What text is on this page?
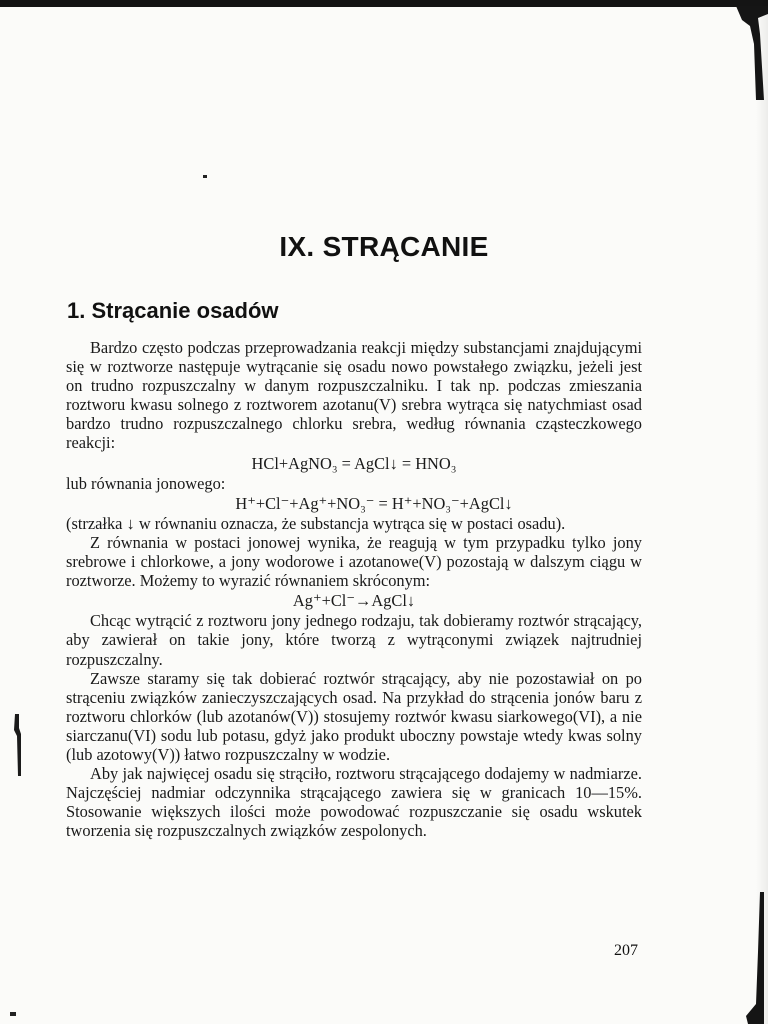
IX. STRĄCANIE
1. Strącanie osadów

Bardzo często podczas przeprowadzania reakcji między substancjami znajdującymi się w roztworze następuje wytrącanie się osadu nowo powstałego związku, jeżeli jest on trudno rozpuszczalny w danym rozpuszczalniku. I tak np. podczas zmieszania roztworu kwasu solnego z roztworem azotanu(V) srebra wytrąca się natychmiast osad bardzo trudno rozpuszczalnego chlorku srebra, według równania cząsteczkowego reakcji:

HCl+AgNO₃ = AgCl↓ = HNO₃

lub równania jonowego:

H⁺+Cl⁻+Ag⁺+NO₃⁻ = H⁺+NO₃⁻+AgCl↓

(strzałka ↓ w równaniu oznacza, że substancja wytrąca się w postaci osadu).

Z równania w postaci jonowej wynika, że reagują w tym przypadku tylko jony srebrowe i chlorkowe, a jony wodorowe i azotanowe(V) pozostają w dalszym ciągu w roztworze. Możemy to wyrazić równaniem skróconym:

Ag⁺+Cl⁻→AgCl↓

Chcąc wytrącić z roztworu jony jednego rodzaju, tak dobieramy roztwór strącający, aby zawierał on takie jony, które tworzą z wytrąconymi związek najtrudniej rozpuszczalny.

Zawsze staramy się tak dobierać roztwór strącający, aby nie pozostawiał on po strąceniu związków zanieczyszczających osad. Na przykład do strącenia jonów baru z roztworu chlorków (lub azotanów(V)) stosujemy roztwór kwasu siarkowego(VI), a nie siarczanu(VI) sodu lub potasu, gdyż jako produkt uboczny powstaje wtedy kwas solny (lub azotowy(V)) łatwo rozpuszczalny w wodzie.

Aby jak najwięcej osadu się strąciło, roztworu strącającego dodajemy w nadmiarze. Najczęściej nadmiar odczynnika strącającego zawiera się w granicach 10—15%. Stosowanie większych ilości może powodować rozpuszczanie się osadu wskutek tworzenia się rozpuszczalnych związków zespolonych.

207
